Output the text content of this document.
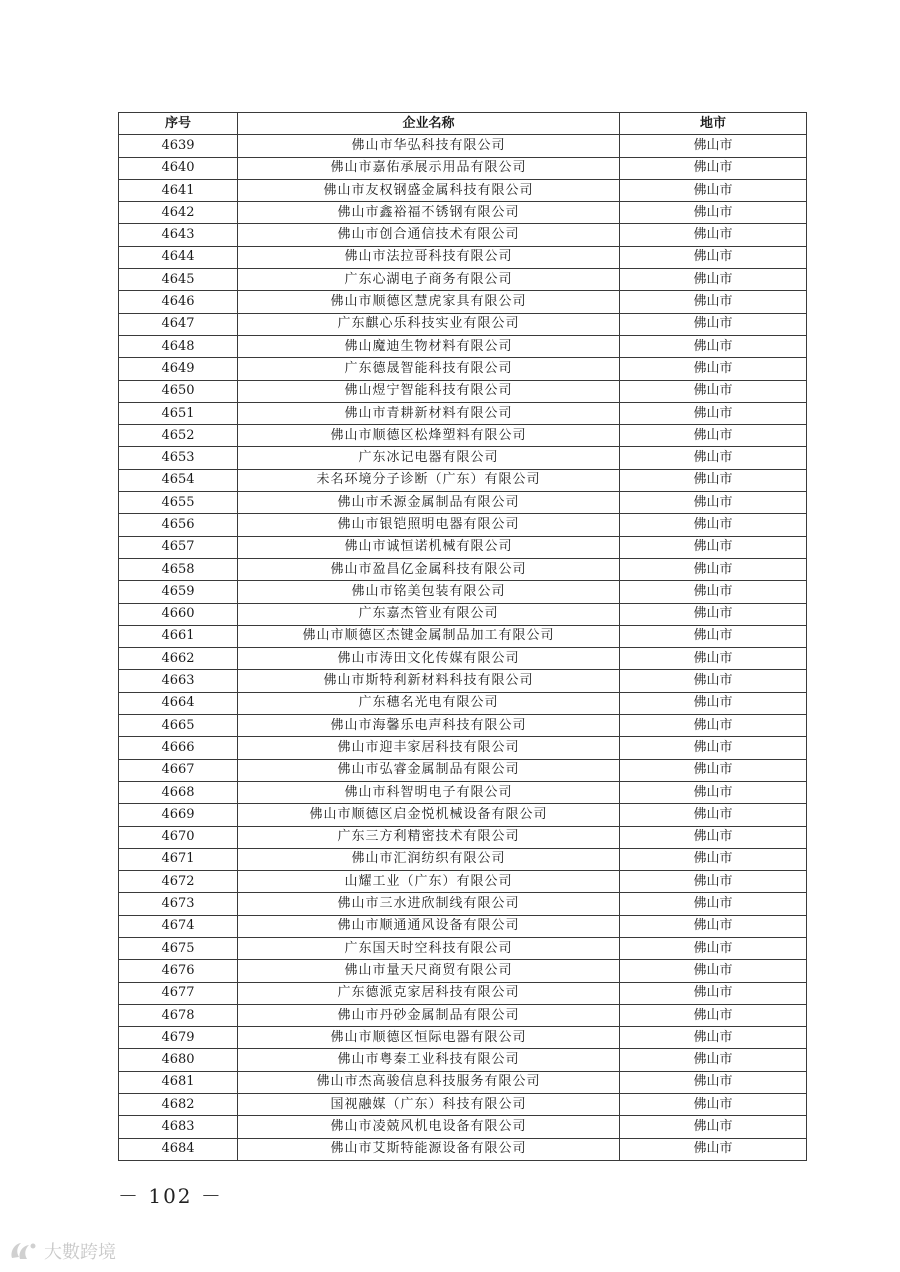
序号	企业名称	地市
4639	佛山市华弘科技有限公司	佛山市
4640	佛山市嘉佑承展示用品有限公司	佛山市
4641	佛山市友权钢盛金属科技有限公司	佛山市
4642	佛山市鑫裕福不锈钢有限公司	佛山市
4643	佛山市创合通信技术有限公司	佛山市
4644	佛山市法拉哥科技有限公司	佛山市
4645	广东心湖电子商务有限公司	佛山市
4646	佛山市顺德区慧虎家具有限公司	佛山市
4647	广东麒心乐科技实业有限公司	佛山市
4648	佛山魔迪生物材料有限公司	佛山市
4649	广东德晟智能科技有限公司	佛山市
4650	佛山煜宁智能科技有限公司	佛山市
4651	佛山市青耕新材料有限公司	佛山市
4652	佛山市顺德区松烽塑料有限公司	佛山市
4653	广东冰记电器有限公司	佛山市
4654	未名环境分子诊断（广东）有限公司	佛山市
4655	佛山市禾源金属制品有限公司	佛山市
4656	佛山市银铠照明电器有限公司	佛山市
4657	佛山市诚恒诺机械有限公司	佛山市
4658	佛山市盈昌亿金属科技有限公司	佛山市
4659	佛山市铭美包装有限公司	佛山市
4660	广东嘉杰管业有限公司	佛山市
4661	佛山市顺德区杰键金属制品加工有限公司	佛山市
4662	佛山市涛田文化传媒有限公司	佛山市
4663	佛山市斯特利新材料科技有限公司	佛山市
4664	广东穗名光电有限公司	佛山市
4665	佛山市海馨乐电声科技有限公司	佛山市
4666	佛山市迎丰家居科技有限公司	佛山市
4667	佛山市弘睿金属制品有限公司	佛山市
4668	佛山市科智明电子有限公司	佛山市
4669	佛山市顺德区启金悦机械设备有限公司	佛山市
4670	广东三方利精密技术有限公司	佛山市
4671	佛山市汇润纺织有限公司	佛山市
4672	山耀工业（广东）有限公司	佛山市
4673	佛山市三水进欣制线有限公司	佛山市
4674	佛山市顺通通风设备有限公司	佛山市
4675	广东国天时空科技有限公司	佛山市
4676	佛山市量天尺商贸有限公司	佛山市
4677	广东德派克家居科技有限公司	佛山市
4678	佛山市丹砂金属制品有限公司	佛山市
4679	佛山市顺德区恒际电器有限公司	佛山市
4680	佛山市粤秦工业科技有限公司	佛山市
4681	佛山市杰高骏信息科技服务有限公司	佛山市
4682	国视融媒（广东）科技有限公司	佛山市
4683	佛山市凌兢风机电设备有限公司	佛山市
4684	佛山市艾斯特能源设备有限公司	佛山市
－ 102 －
大數跨境
